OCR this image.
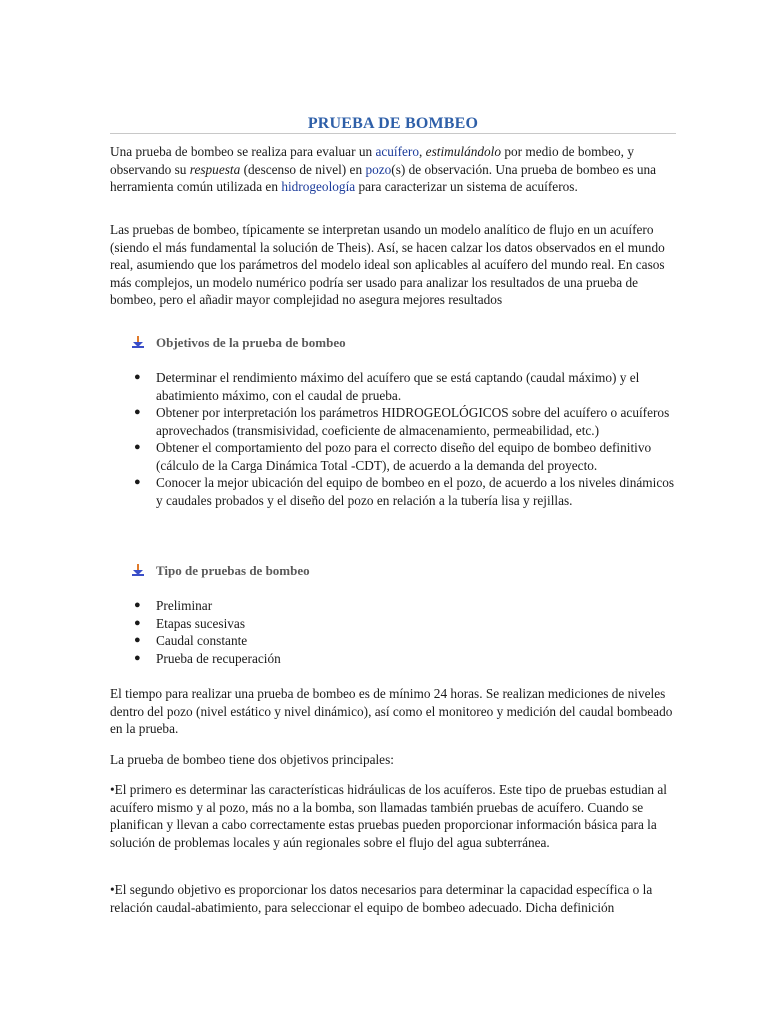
PRUEBA DE BOMBEO

Una prueba de bombeo se realiza para evaluar un acuífero, estimulándolo por medio de bombeo, y observando su respuesta (descenso de nivel) en pozo(s) de observación. Una prueba de bombeo es una herramienta común utilizada en hidrogeología para caracterizar un sistema de acuíferos.

Las pruebas de bombeo, típicamente se interpretan usando un modelo analítico de flujo en un acuífero (siendo el más fundamental la solución de Theis). Así, se hacen calzar los datos observados en el mundo real, asumiendo que los parámetros del modelo ideal son aplicables al acuífero del mundo real. En casos más complejos, un modelo numérico podría ser usado para analizar los resultados de una prueba de bombeo, pero el añadir mayor complejidad no asegura mejores resultados

Objetivos de la prueba de bombeo
● Determinar el rendimiento máximo del acuífero que se está captando (caudal máximo) y el abatimiento máximo, con el caudal de prueba.
● Obtener por interpretación los parámetros HIDROGEOLÓGICOS sobre del acuífero o acuíferos aprovechados (transmisividad, coeficiente de almacenamiento, permeabilidad, etc.)
● Obtener el comportamiento del pozo para el correcto diseño del equipo de bombeo definitivo (cálculo de la Carga Dinámica Total -CDT), de acuerdo a la demanda del proyecto.
● Conocer la mejor ubicación del equipo de bombeo en el pozo, de acuerdo a los niveles dinámicos y caudales probados y el diseño del pozo en relación a la tubería lisa y rejillas.
Tipo de pruebas de bombeo
● Preliminar
● Etapas sucesivas
● Caudal constante
● Prueba de recuperación

El tiempo para realizar una prueba de bombeo es de mínimo 24 horas. Se realizan mediciones de niveles dentro del pozo (nivel estático y nivel dinámico), así como el monitoreo y medición del caudal bombeado en la prueba.

La prueba de bombeo tiene dos objetivos principales:

•El primero es determinar las características hidráulicas de los acuíferos. Este tipo de pruebas estudian al acuífero mismo y al pozo, más no a la bomba, son llamadas también pruebas de acuífero. Cuando se planifican y llevan a cabo correctamente estas pruebas pueden proporcionar información básica para la solución de problemas locales y aún regionales sobre el flujo del agua subterránea.

•El segundo objetivo es proporcionar los datos necesarios para determinar la capacidad específica o la relación caudal-abatimiento, para seleccionar el equipo de bombeo adecuado. Dicha definición
